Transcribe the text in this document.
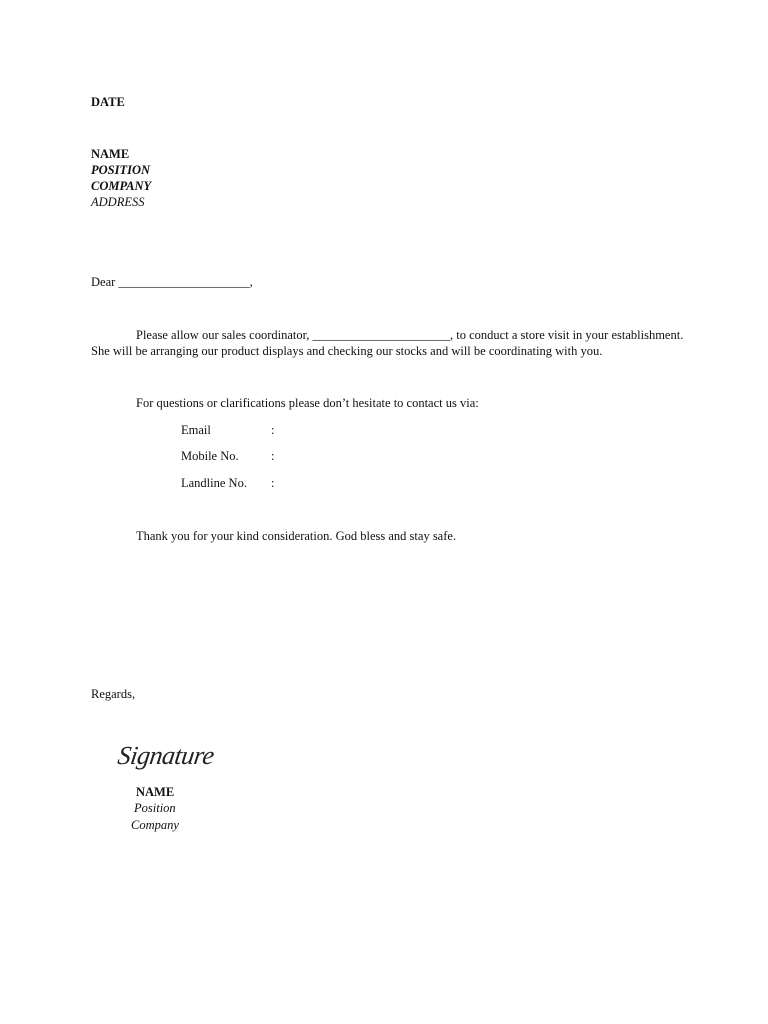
DATE
NAME
POSITION
COMPANY
ADDRESS
Dear _____________________,
Please allow our sales coordinator, ______________________, to conduct a store visit in your establishment.
She will be arranging our product displays and checking our stocks and will be coordinating with you.
For questions or clarifications please don’t hesitate to contact us via:
Email	:
Mobile No.	:
Landline No. :
Thank you for your kind consideration. God bless and stay safe.
Regards,
Signature
NAME
Position
Company
